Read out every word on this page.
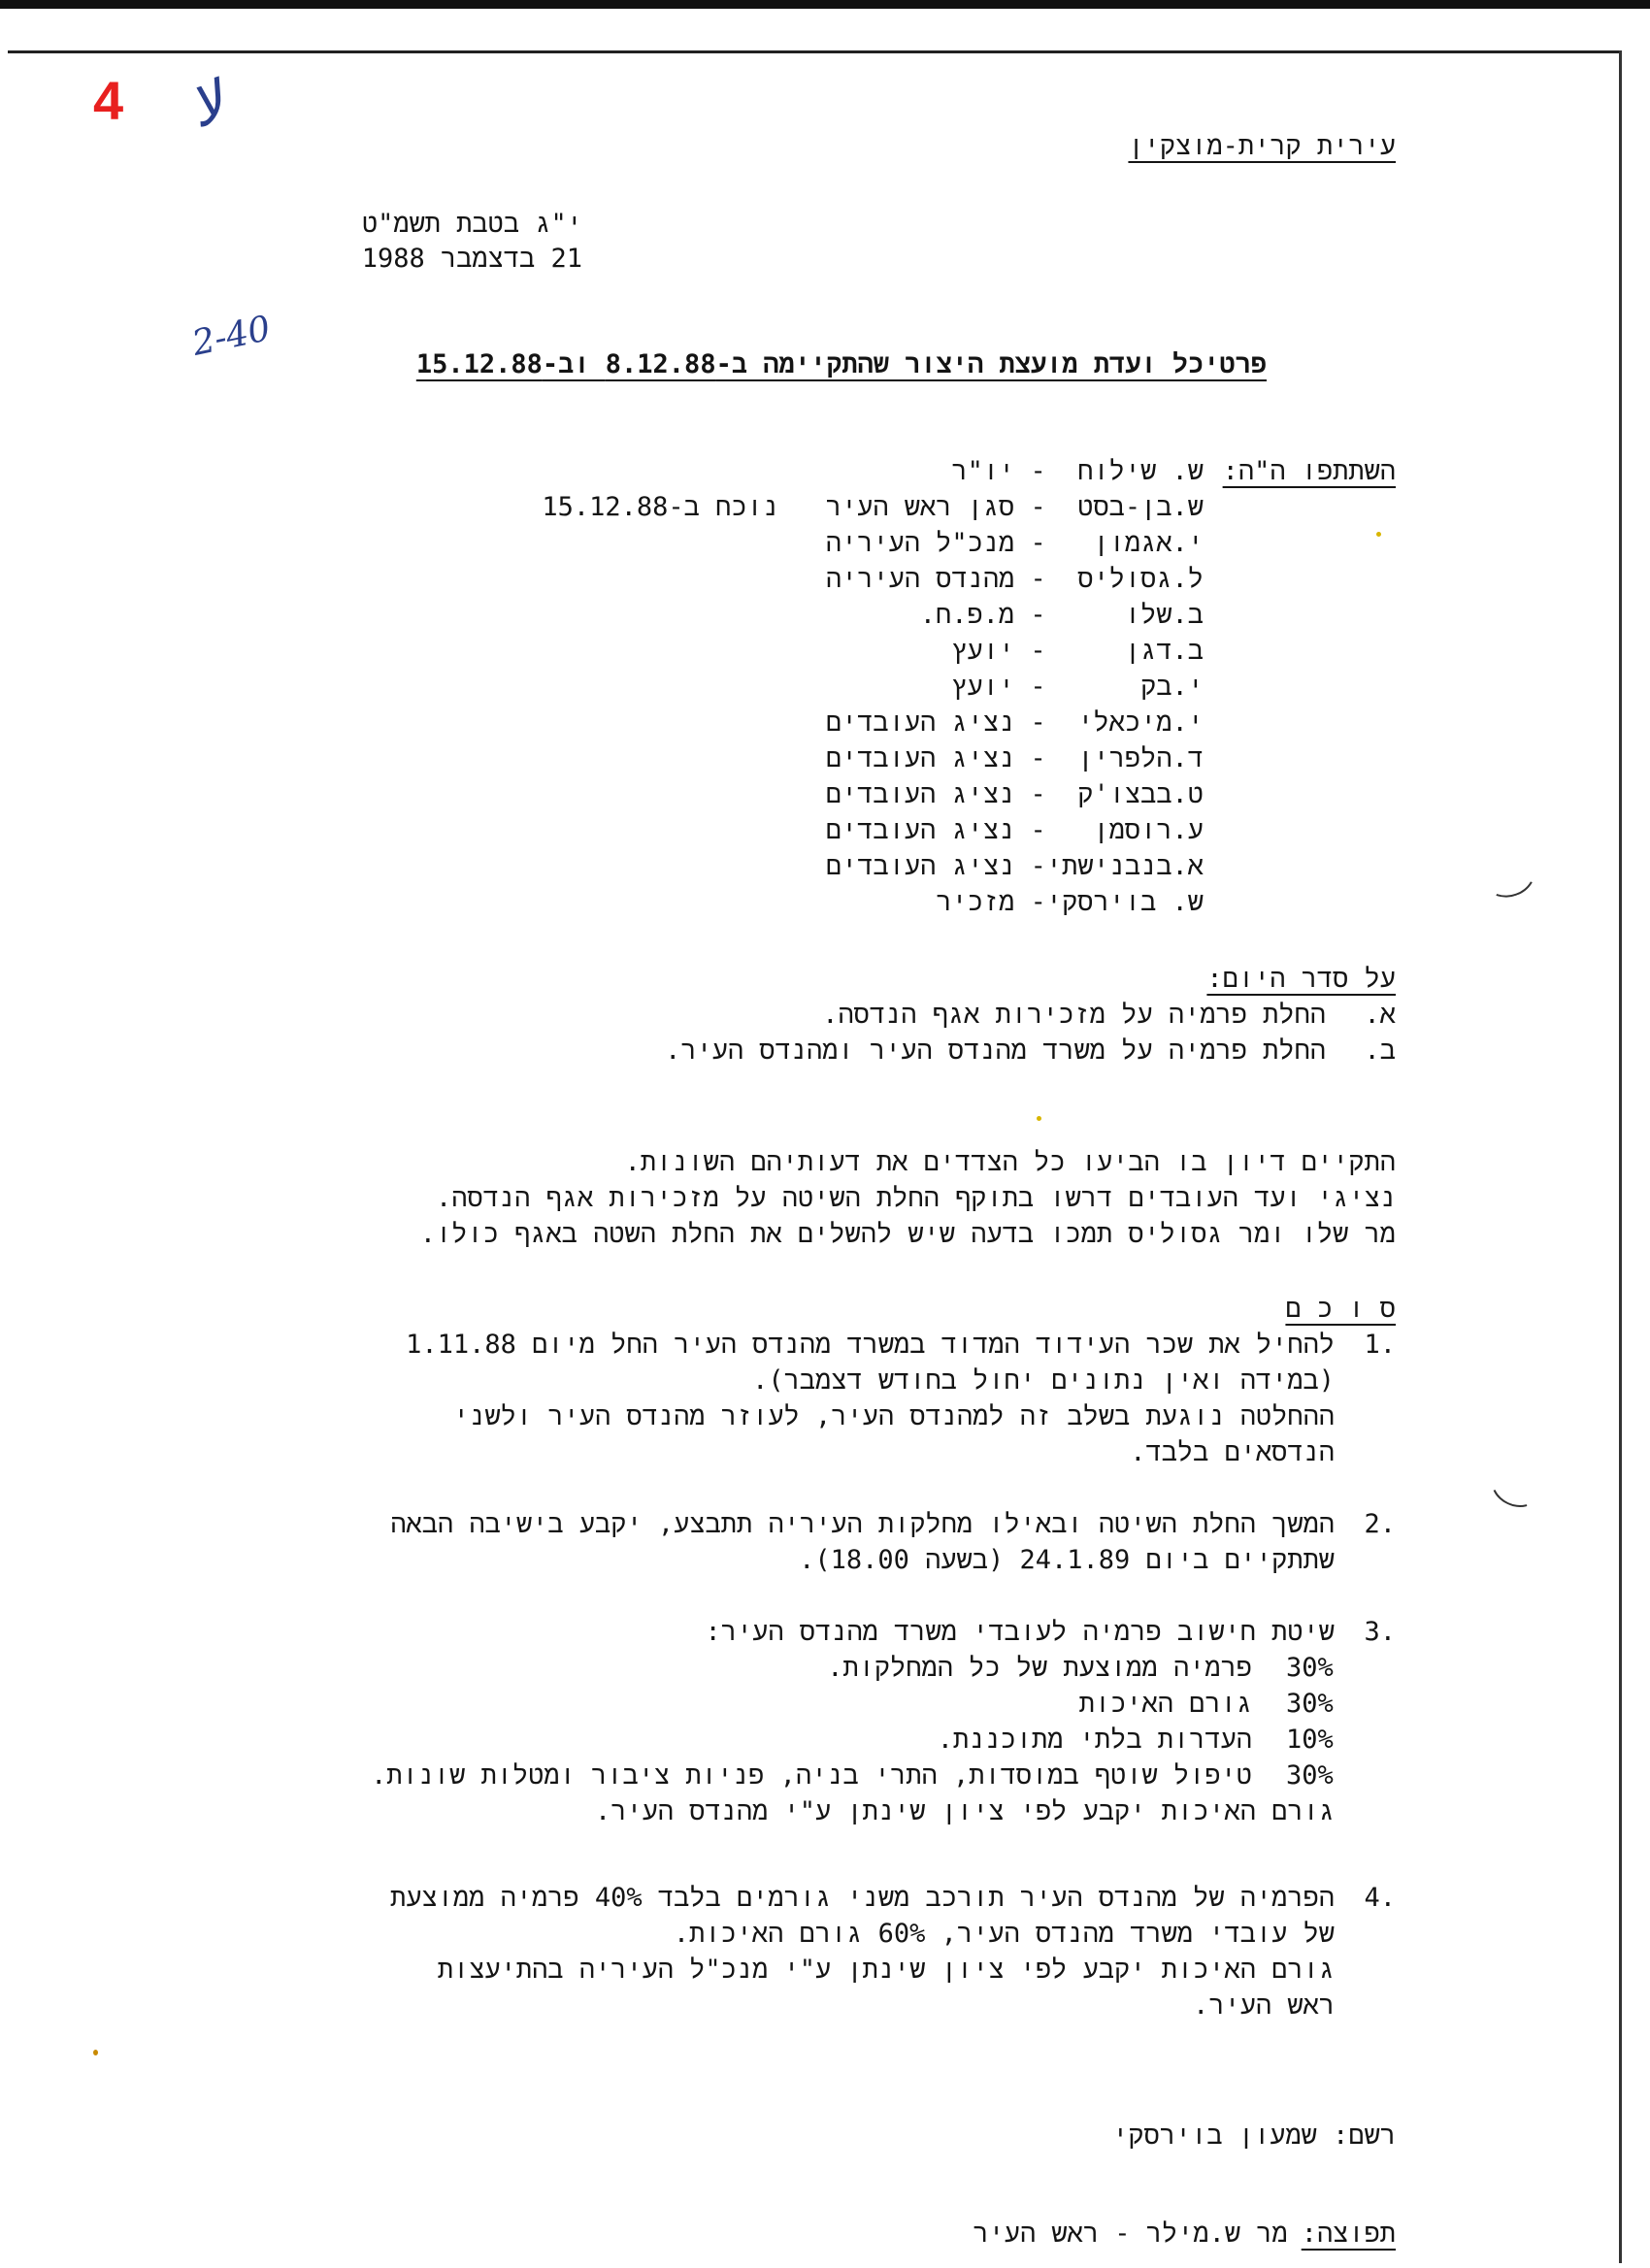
4 لا
2-40
עירית קרית-מוצקין
י"ג בטבת תשמ"ט
21 בדצמבר 1988
פרטיכל ועדת מועצת היצור שהתקיימה ב-8.12.88 וב-15.12.88
השתתפו ה"ה:
ש. שילוח  - יו"ר
ש.בן-בסט  - סגן ראש העיר   נוכח ב-15.12.88
י.אגמון   - מנכ"ל העיריה
ל.גסוליס  - מהנדס העיריה
ב.שלו     - מ.פ.ח.
ב.דגן     - יועץ
י.בק      - יועץ
י.מיכאלי  - נציג העובדים
ד.הלפרין  - נציג העובדים
ט.בבצו'ק  - נציג העובדים
ע.רוסמן   - נציג העובדים
א.בנבנישתי- נציג העובדים
ש. בוירסקי- מזכיר
על סדר היום:
א.
החלת פרמיה על מזכירות אגף הנדסה.
ב.
החלת פרמיה על משרד מהנדס העיר ומהנדס העיר.
התקיים דיון בו הביעו כל הצדדים את דעותיהם השונות.
נציגי ועד העובדים דרשו בתוקף החלת השיטה על מזכירות אגף הנדסה.
מר שלו ומר גסוליס תמכו בדעה שיש להשלים את החלת השטה באגף כולו.
ס ו כ ם
.1
להחיל את שכר העידוד המדוד במשרד מהנדס העיר החל מיום 1.11.88
(במידה ואין נתונים יחול בחודש דצמבר).
ההחלטה נוגעת בשלב זה למהנדס העיר, לעוזר מהנדס העיר ולשני
הנדסאים בלבד.
.2
המשך החלת השיטה ובאילו מחלקות העיריה תתבצע, יקבע בישיבה הבאה
שתתקיים ביום 24.1.89 (בשעה 18.00).
.3
שיטת חישוב פרמיה לעובדי משרד מהנדס העיר:
30%
פרמיה ממוצעת של כל המחלקות.
30%
גורם האיכות
10%
העדרות בלתי מתוכננת.
30%
טיפול שוטף במוסדות, התרי בניה, פניות ציבור ומטלות שונות.
גורם האיכות יקבע לפי ציון שינתן ע"י מהנדס העיר.
.4
הפרמיה של מהנדס העיר תורכב משני גורמים בלבד 40% פרמיה ממוצעת
של עובדי משרד מהנדס העיר, 60% גורם האיכות.
גורם האיכות יקבע לפי ציון שינתן ע"י מנכ"ל העיריה בהתיעצות
ראש העיר.
רשם: שמעון בוירסקי
תפוצה:
מר ש.מילר - ראש העיר
